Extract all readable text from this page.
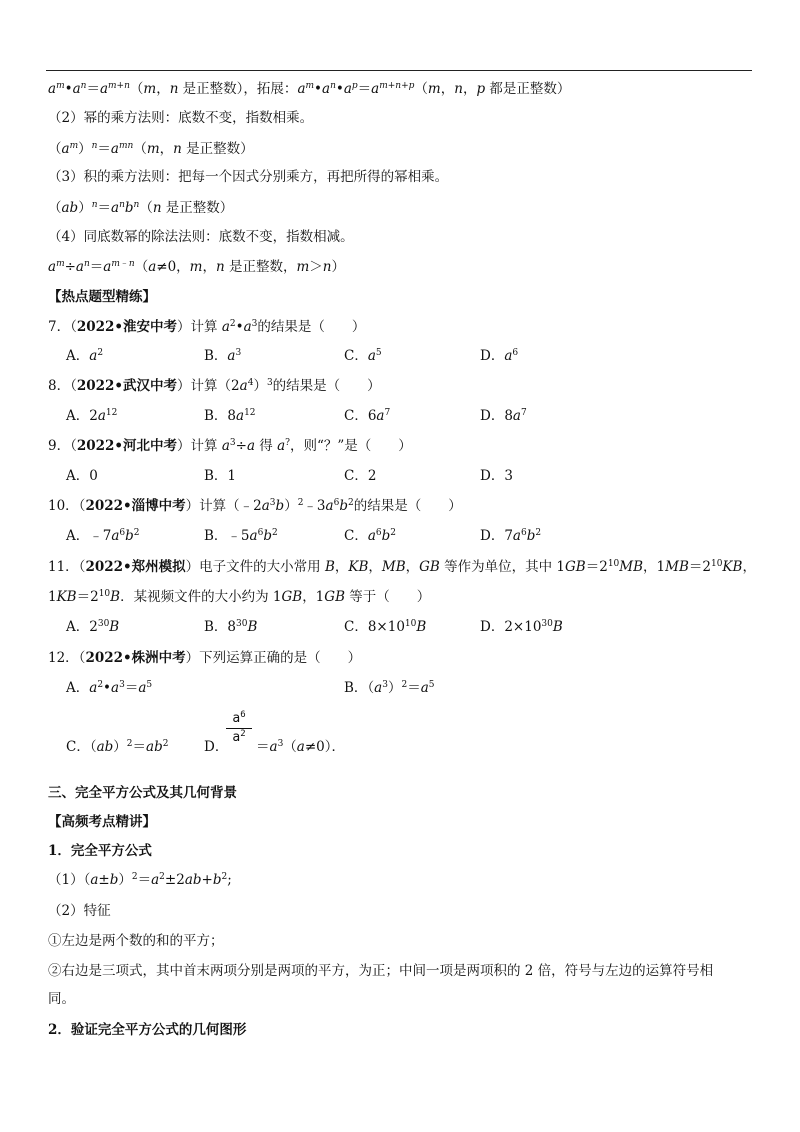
$a^m•a^n=a^{m+n}(m$，n 是正整数），拓展：$a^m•a^n•a^p=a^{m+n+p}(m$，n，p 都是正整数）
（2）幂的乘方法则：底数不变，指数相乘。
$(a^m)^n=a^{mn}(m$，n 是正整数）
（3）积的乘方法则：把每一个因式分别乘方，再把所得的幂相乘。
$(ab)^n=a^nb^n(n$ 是正整数）
（4）同底数幂的除法法则：底数不变，指数相减。
$a^m\div a^n=a^{m﹣n}(a\ne 0$，m，n 是正整数，m＞n）
【热点题型精练】
7．（2022•淮安中考）计算 $a^2•a^3$的结果是（　　）
A．$a^2$	B．$a^3$	C．$a^5$	D．$a^6$
8．（2022•武汉中考）计算$(2a^4)^3$的结果是（　　）
A．$2a^{12}$	B．$8a^{12}$	C．$6a^7$	D．$8a^7$
9．（2022•河北中考）计算 $a^3\div a$ 得 a?，则“？”是（　　）
A．0	B．1	C．2	D．3
10．（2022•淄博中考）计算$(﹣2a^3b)^2﹣3a^6b^2$的结果是（　　）
A．$﹣7a^6b^2$	B．$﹣5a^6b^2$	C．$a^6b^2$	D．$7a^6b^2$
11．（2022•郑州模拟）电子文件的大小常用 B，KB，MB，GB 等作为单位，其中 $1GB=2^{10}MB$，$1MB=2^{10}KB$，
$1KB=2^{10}B$．某视频文件的大小约为 1GB，1GB 等于（　　）
A．$2^{30}B$	B．$8^{30}B$	C．$8\times 10^{10}B$	D．$2\times 10^{30}B$
12．（2022•株洲中考）下列运算正确的是（　　）
A．$a^2•a^3=a^5$	B．$(a^3)^2=a^5$
C．$(ab)^2=ab^2$	D．
$a^6$
$a^2$
$=a^3(a\ne 0)$．
三、完全平方公式及其几何背景
【高频考点精讲】
1．完全平方公式
$(1)(a\pm b)^2=a^2\pm 2ab+b^2$;
（2）特征
①左边是两个数的和的平方；
②右边是三项式，其中首末两项分别是两项的平方，为正；中间一项是两项积的 2 倍，符号与左边的运算符号相
同。
2．验证完全平方公式的几何图形
